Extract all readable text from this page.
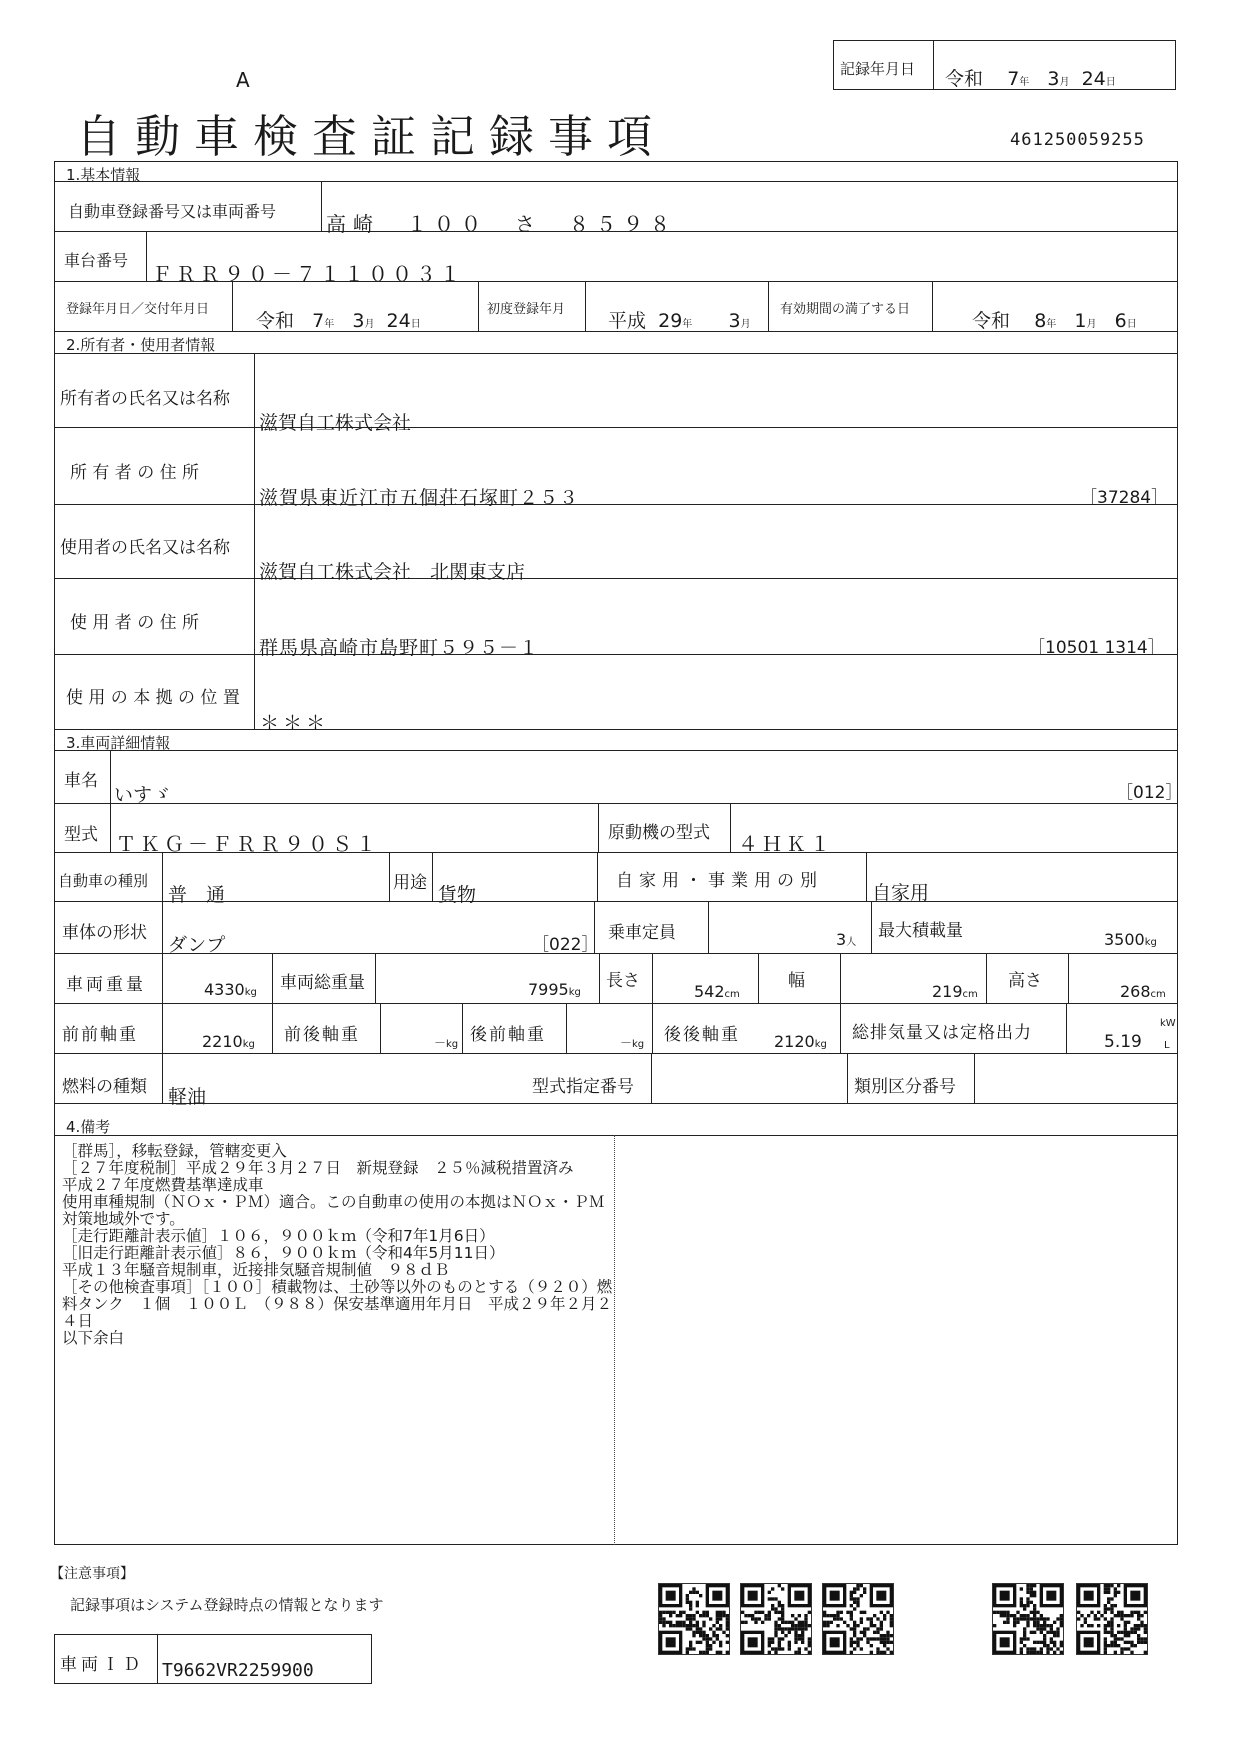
A
自動車検査証記録事項	461250059255
記録年月日 令和 7年 3月 24日
1.基本情報
自動車登録番号又は車両番号
高崎　１００　さ　８５９８
車台番号
ＦＲＲ９０－７１１００３１
登録年月日／交付年月日
令和 7年 3月 24日
初度登録年月
平成 29年 3月
有効期間の満了する日
令和 8年 1月 6日
2.所有者・使用者情報
所有者の氏名又は名称
滋賀自工株式会社
所 有 者 の 住 所
滋賀県東近江市五個荘石塚町２５３	［37284］
使用者の氏名又は名称
滋賀自工株式会社　北関東支店
使 用 者 の 住 所
群馬県高崎市島野町５９５－１	［10501 1314］
使 用 の 本 拠 の 位 置
＊＊＊
3.車両詳細情報
車名
いすゞ	［012］
型式 ＴＫＧ－ＦＲＲ９０Ｓ１	原動機の型式 ４ＨＫ１
自動車の種別
普　通
用途
貨物
自家用・事業用の別
自家用
車体の形状
ダンプ	［022］
乗車定員	3人
最大積載量	3500kg
車両重量	4330kg 車両総重量	7995kg
長さ
542cm
幅
219cm
高さ
268cm
前前軸重	2210kg 前後軸重	－kg 後前軸重	－kg 後後軸重 2120kg
総排気量又は定格出力	5.19
kW
L
燃料の種類 軽油	型式指定番号	類別区分番号
4.備考
［群馬］，移転登録，管轄変更入
［２７年度税制］平成２９年３月２７日　新規登録　２５％減税措置済み
平成２７年度燃費基準達成車
使用車種規制（ＮＯｘ・ＰＭ）適合。この自動車の使用の本拠はＮＯｘ・ＰＭ対策地域外です。
［走行距離計表示値］１０６，９００ｋｍ（令和7年1月6日）
［旧走行距離計表示値］８６，９００ｋｍ（令和4年5月11日）
平成１３年騒音規制車，近接排気騒音規制値　９８ｄＢ
［その他検査事項］［１００］積載物は、土砂等以外のものとする（９２０）燃料タンク　１個　１００Ｌ　（９８８）保安基準適用年月日　平成２９年２月２４日
以下余白
【注意事項】
記録事項はシステム登録時点の情報となります
車両ＩＤ T9662VR2259900
